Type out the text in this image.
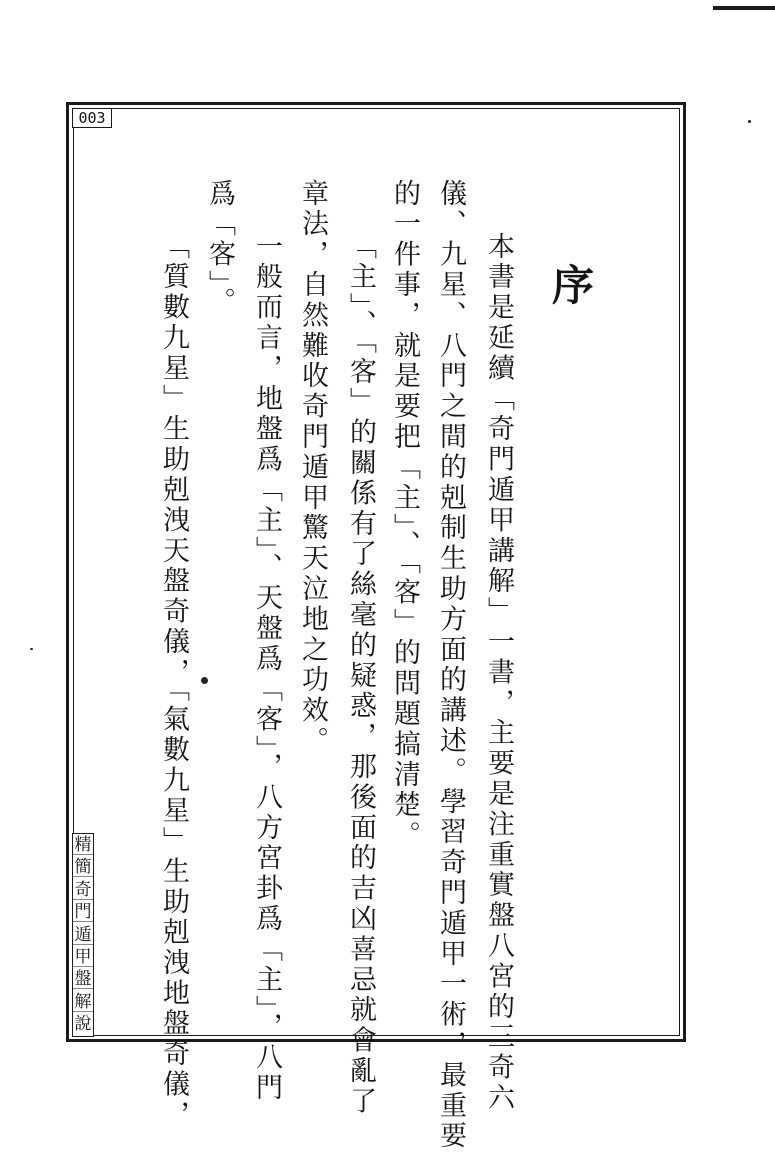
003
序
本書是延續「奇門遁甲講解」一書，主要是注重實盤八宮的三奇六
儀、九星、八門之間的剋制生助方面的講述。學習奇門遁甲一術，最重要
的一件事，就是要把「主」、「客」的問題搞清楚。
「主」、「客」的關係有了絲毫的疑惑，那後面的吉凶喜忌就會亂了
章法，自然難收奇門遁甲驚天泣地之功效。
一般而言，地盤爲「主」、天盤爲「客」，八方宮卦爲「主」，八門
爲「客」。
「質數九星」生助剋洩天盤奇儀，「氣數九星」生助剋洩地盤奇儀，
精
簡
奇
門
遁
甲
盤
解
說
